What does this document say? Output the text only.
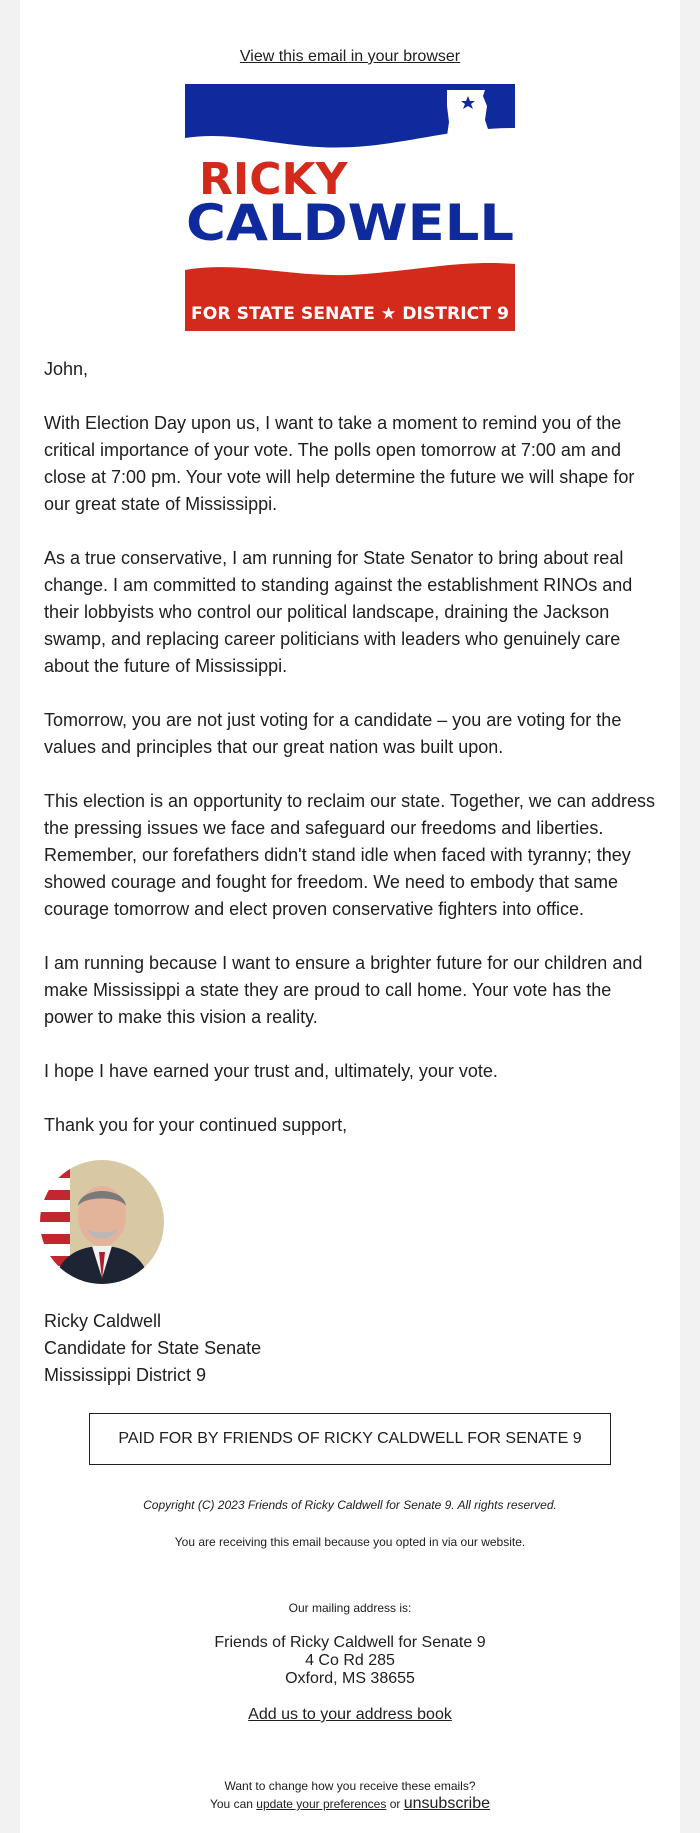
View this email in your browser
RICKY
CALDWELL
FOR STATE SENATE ★ DISTRICT 9

John,

With Election Day upon us, I want to take a moment to remind you of the critical importance of your vote. The polls open tomorrow at 7:00 am and close at 7:00 pm. Your vote will help determine the future we will shape for our great state of Mississippi.

As a true conservative, I am running for State Senator to bring about real change. I am committed to standing against the establishment RINOs and their lobbyists who control our political landscape, draining the Jackson swamp, and replacing career politicians with leaders who genuinely care about the future of Mississippi.

Tomorrow, you are not just voting for a candidate – you are voting for the values and principles that our great nation was built upon.

This election is an opportunity to reclaim our state. Together, we can address the pressing issues we face and safeguard our freedoms and liberties. Remember, our forefathers didn't stand idle when faced with tyranny; they showed courage and fought for freedom. We need to embody that same courage tomorrow and elect proven conservative fighters into office.

I am running because I want to ensure a brighter future for our children and make Mississippi a state they are proud to call home. Your vote has the power to make this vision a reality.

I hope I have earned your trust and, ultimately, your vote.

Thank you for your continued support,

Ricky Caldwell
Candidate for State Senate
Mississippi District 9
PAID FOR BY FRIENDS OF RICKY CALDWELL FOR SENATE 9
Copyright (C) 2023 Friends of Ricky Caldwell for Senate 9. All rights reserved.
You are receiving this email because you opted in via our website.
Our mailing address is:
Friends of Ricky Caldwell for Senate 9
4 Co Rd 285
Oxford, MS 38655
Add us to your address book
Want to change how you receive these emails?
You can update your preferences or unsubscribe
